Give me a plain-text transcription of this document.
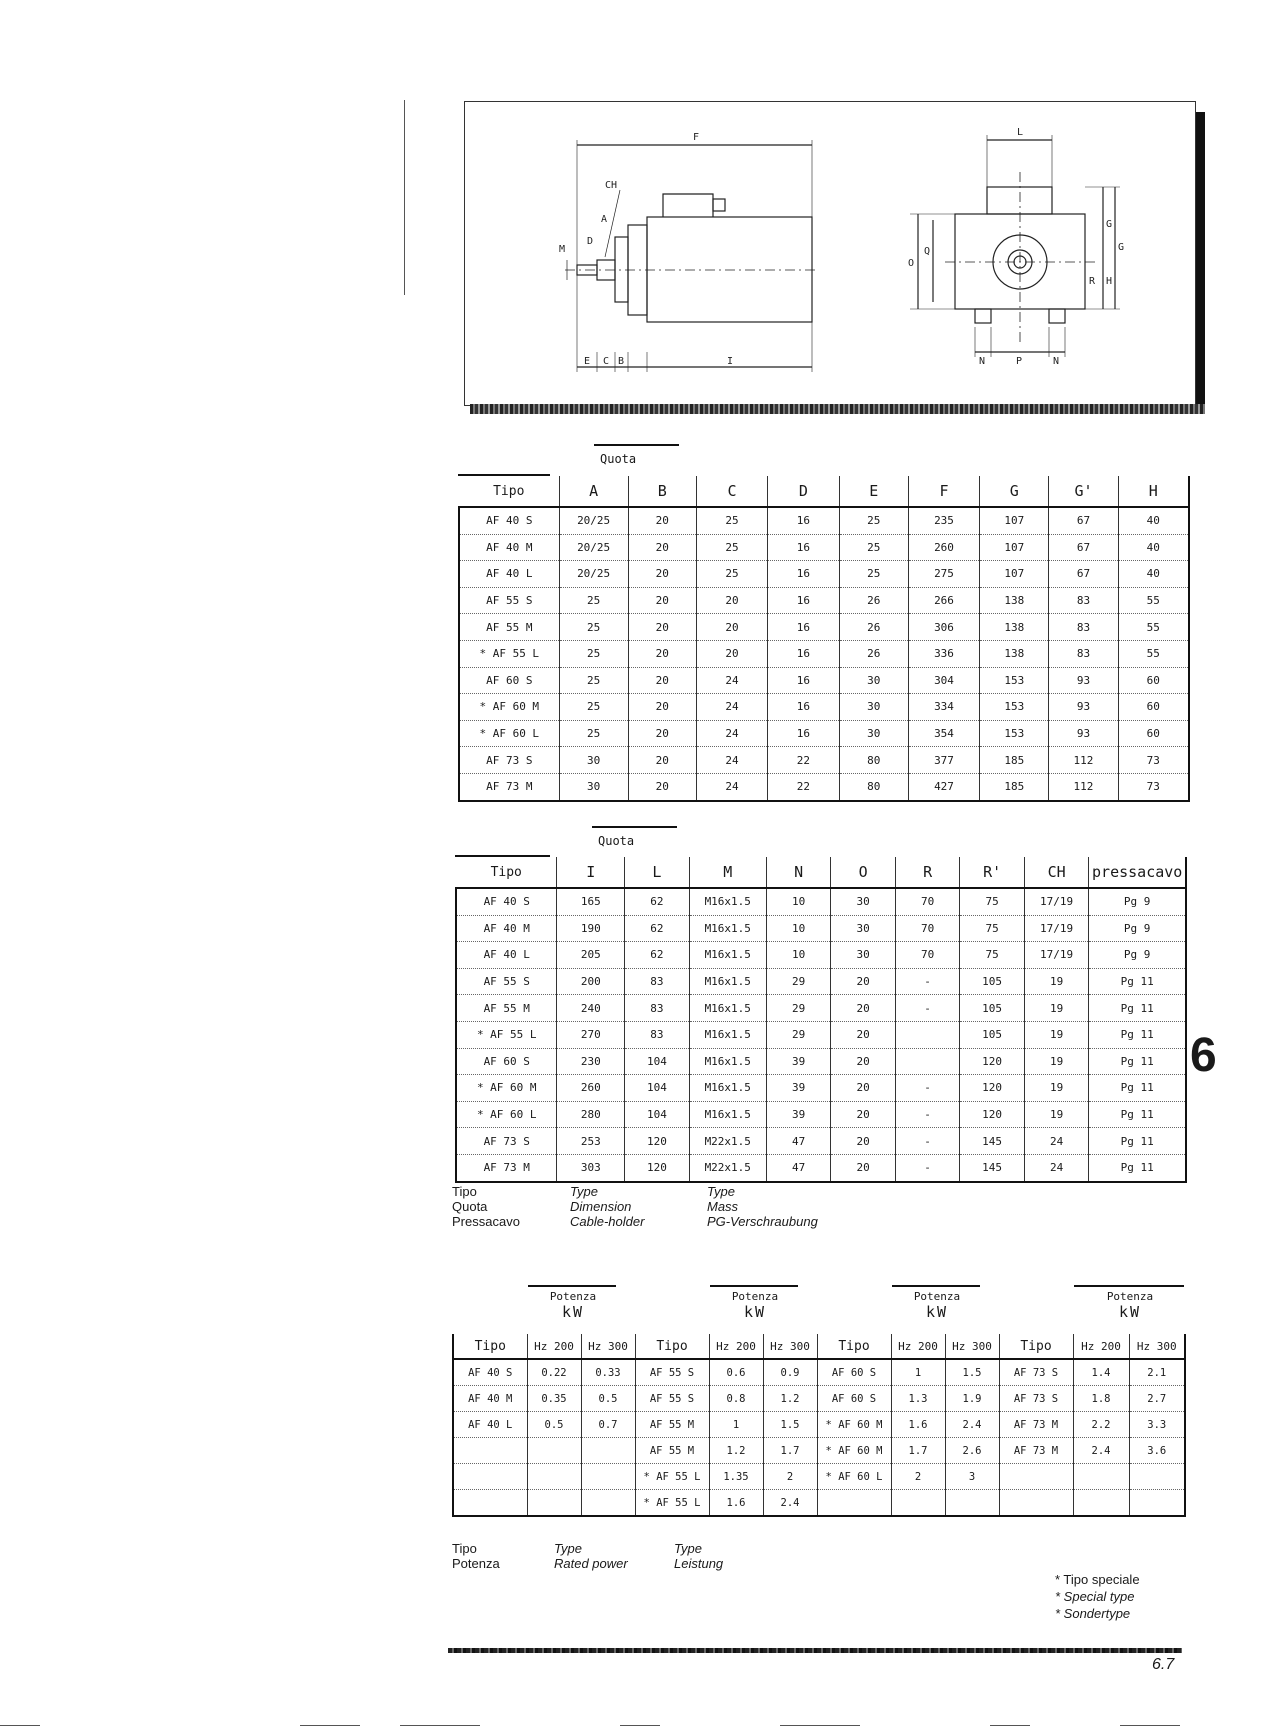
F
CH
M
D
A
E C B	I
L
O
Q
G'
G
H
R
N	P	N
Quota
Tipo	A	B	C	D	E	F	G	G'	H
AF 40 S	20/25	20	25	16	25	235	107	67	40
AF 40 M	20/25	20	25	16	25	260	107	67	40
AF 40 L	20/25	20	25	16	25	275	107	67	40
AF 55 S	25	20	20	16	26	266	138	83	55
AF 55 M	25	20	20	16	26	306	138	83	55
* AF 55 L	25	20	20	16	26	336	138	83	55
AF 60 S	25	20	24	16	30	304	153	93	60
* AF 60 M	25	20	24	16	30	334	153	93	60
* AF 60 L	25	20	24	16	30	354	153	93	60
AF 73 S	30	20	24	22	80	377	185	112	73
AF 73 M	30	20	24	22	80	427	185	112	73
Quota
Tipo	I	L	M	N	O	R	R'	CH	pressacavo
AF 40 S	165	62	M16x1.5	10	30	70	75	17/19	Pg 9
AF 40 M	190	62	M16x1.5	10	30	70	75	17/19	Pg 9
AF 40 L	205	62	M16x1.5	10	30	70	75	17/19	Pg 9
AF 55 S	200	83	M16x1.5	29	20	-	105	19	Pg 11
AF 55 M	240	83	M16x1.5	29	20	-	105	19	Pg 11
* AF 55 L	270	83	M16x1.5	29	20		105	19	Pg 11
AF 60 S	230	104	M16x1.5	39	20		120	19	Pg 11
* AF 60 M	260	104	M16x1.5	39	20	-	120	19	Pg 11
* AF 60 L	280	104	M16x1.5	39	20	-	120	19	Pg 11
AF 73 S	253	120	M22x1.5	47	20	-	145	24	Pg 11
AF 73 M	303	120	M22x1.5	47	20	-	145	24	Pg 11
6
Tipo	Type	Type
Quota	Dimension	Mass
Pressacavo	Cable-holder	PG-Verschraubung
Potenza
kW
Potenza
kW
Potenza
kW
Potenza
kW
Tipo	Hz 200	Hz 300	Tipo	Hz 200	Hz 300	Tipo	Hz 200	Hz 300	Tipo	Hz 200	Hz 300
AF 40 S	0.22	0.33	AF 55 S	0.6	0.9	AF 60 S	1	1.5	AF 73 S	1.4	2.1
AF 40 M	0.35	0.5	AF 55 S	0.8	1.2	AF 60 S	1.3	1.9	AF 73 S	1.8	2.7
AF 40 L	0.5	0.7	AF 55 M	1	1.5	* AF 60 M	1.6	2.4	AF 73 M	2.2	3.3
			AF 55 M	1.2	1.7	* AF 60 M	1.7	2.6	AF 73 M	2.4	3.6
			* AF 55 L	1.35	2	* AF 60 L	2	3			
			* AF 55 L	1.6	2.4						
Tipo	Type	Type
Potenza	Rated power	Leistung
* Tipo speciale
* Special type
* Sondertype
6.7
